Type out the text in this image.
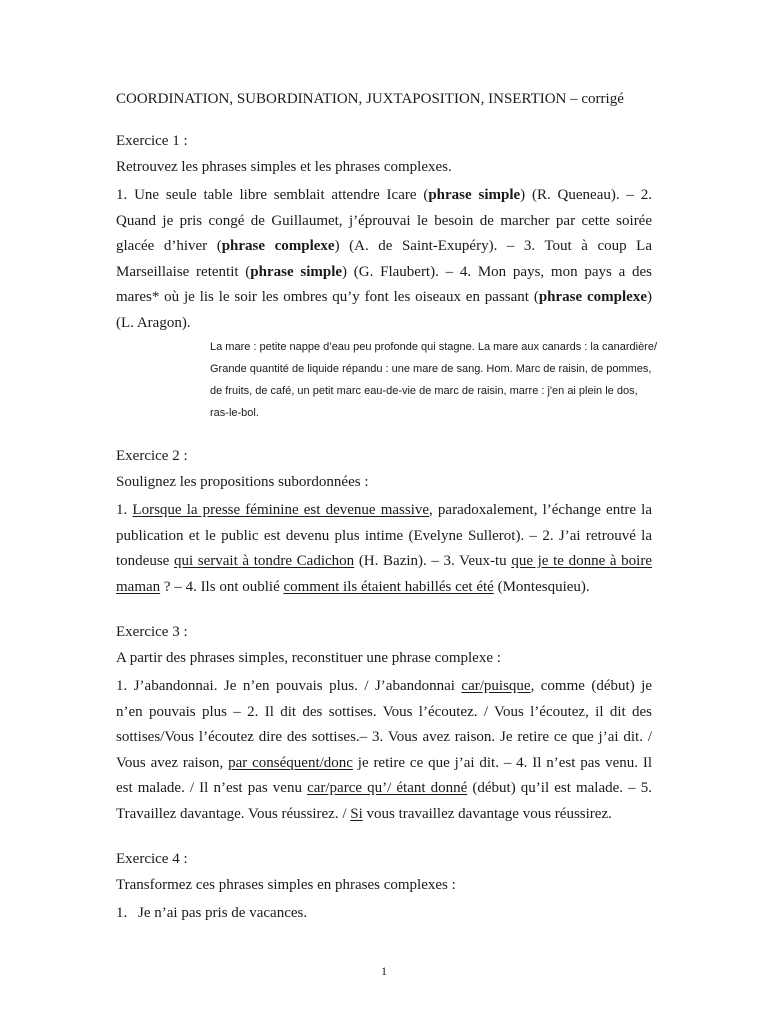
COORDINATION, SUBORDINATION, JUXTAPOSITION, INSERTION – corrigé

Exercice 1 :

Retrouvez les phrases simples et les phrases complexes.

1. Une seule table libre semblait attendre Icare (phrase simple) (R. Queneau). – 2. Quand je pris congé de Guillaumet, j’éprouvai le besoin de marcher par cette soirée glacée d’hiver (phrase complexe) (A. de Saint-Exupéry). – 3. Tout à coup La Marseillaise retentit (phrase simple) (G. Flaubert). – 4. Mon pays, mon pays a des mares* où je lis le soir les ombres qu’y font les oiseaux en passant (phrase complexe) (L. Aragon).

La mare : petite nappe d’eau peu profonde qui stagne. La mare aux canards : la canardière/ Grande quantité de liquide répandu : une mare de sang. Hom. Marc de raisin, de pommes, de fruits, de café, un petit marc eau-de-vie de marc de raisin, marre : j'en ai plein le dos, ras-le-bol.

Exercice 2 :

Soulignez les propositions subordonnées :

1. Lorsque la presse féminine est devenue massive, paradoxalement, l’échange entre la publication et le public est devenu plus intime (Evelyne Sullerot). – 2. J’ai retrouvé la tondeuse qui servait à tondre Cadichon (H. Bazin). – 3. Veux-tu que je te donne à boire maman ? – 4. Ils ont oublié comment ils étaient habillés cet été (Montesquieu).

Exercice 3 :

A partir des phrases simples, reconstituer une phrase complexe :

1. J’abandonnai. Je n’en pouvais plus. / J’abandonnai car/puisque, comme (début) je n’en pouvais plus – 2. Il dit des sottises. Vous l’écoutez. / Vous l’écoutez, il dit des sottises/Vous l’écoutez dire des sottises.– 3. Vous avez raison. Je retire ce que j’ai dit. / Vous avez raison, par conséquent/donc je retire ce que j’ai dit. – 4. Il n’est pas venu. Il est malade. / Il n’est pas venu car/parce qu’/ étant donné (début) qu’il est malade. – 5. Travaillez davantage. Vous réussirez. / Si vous travaillez davantage vous réussirez.

Exercice 4 :

Transformez ces phrases simples en phrases complexes :

1. Je n’ai pas pris de vacances.

1
